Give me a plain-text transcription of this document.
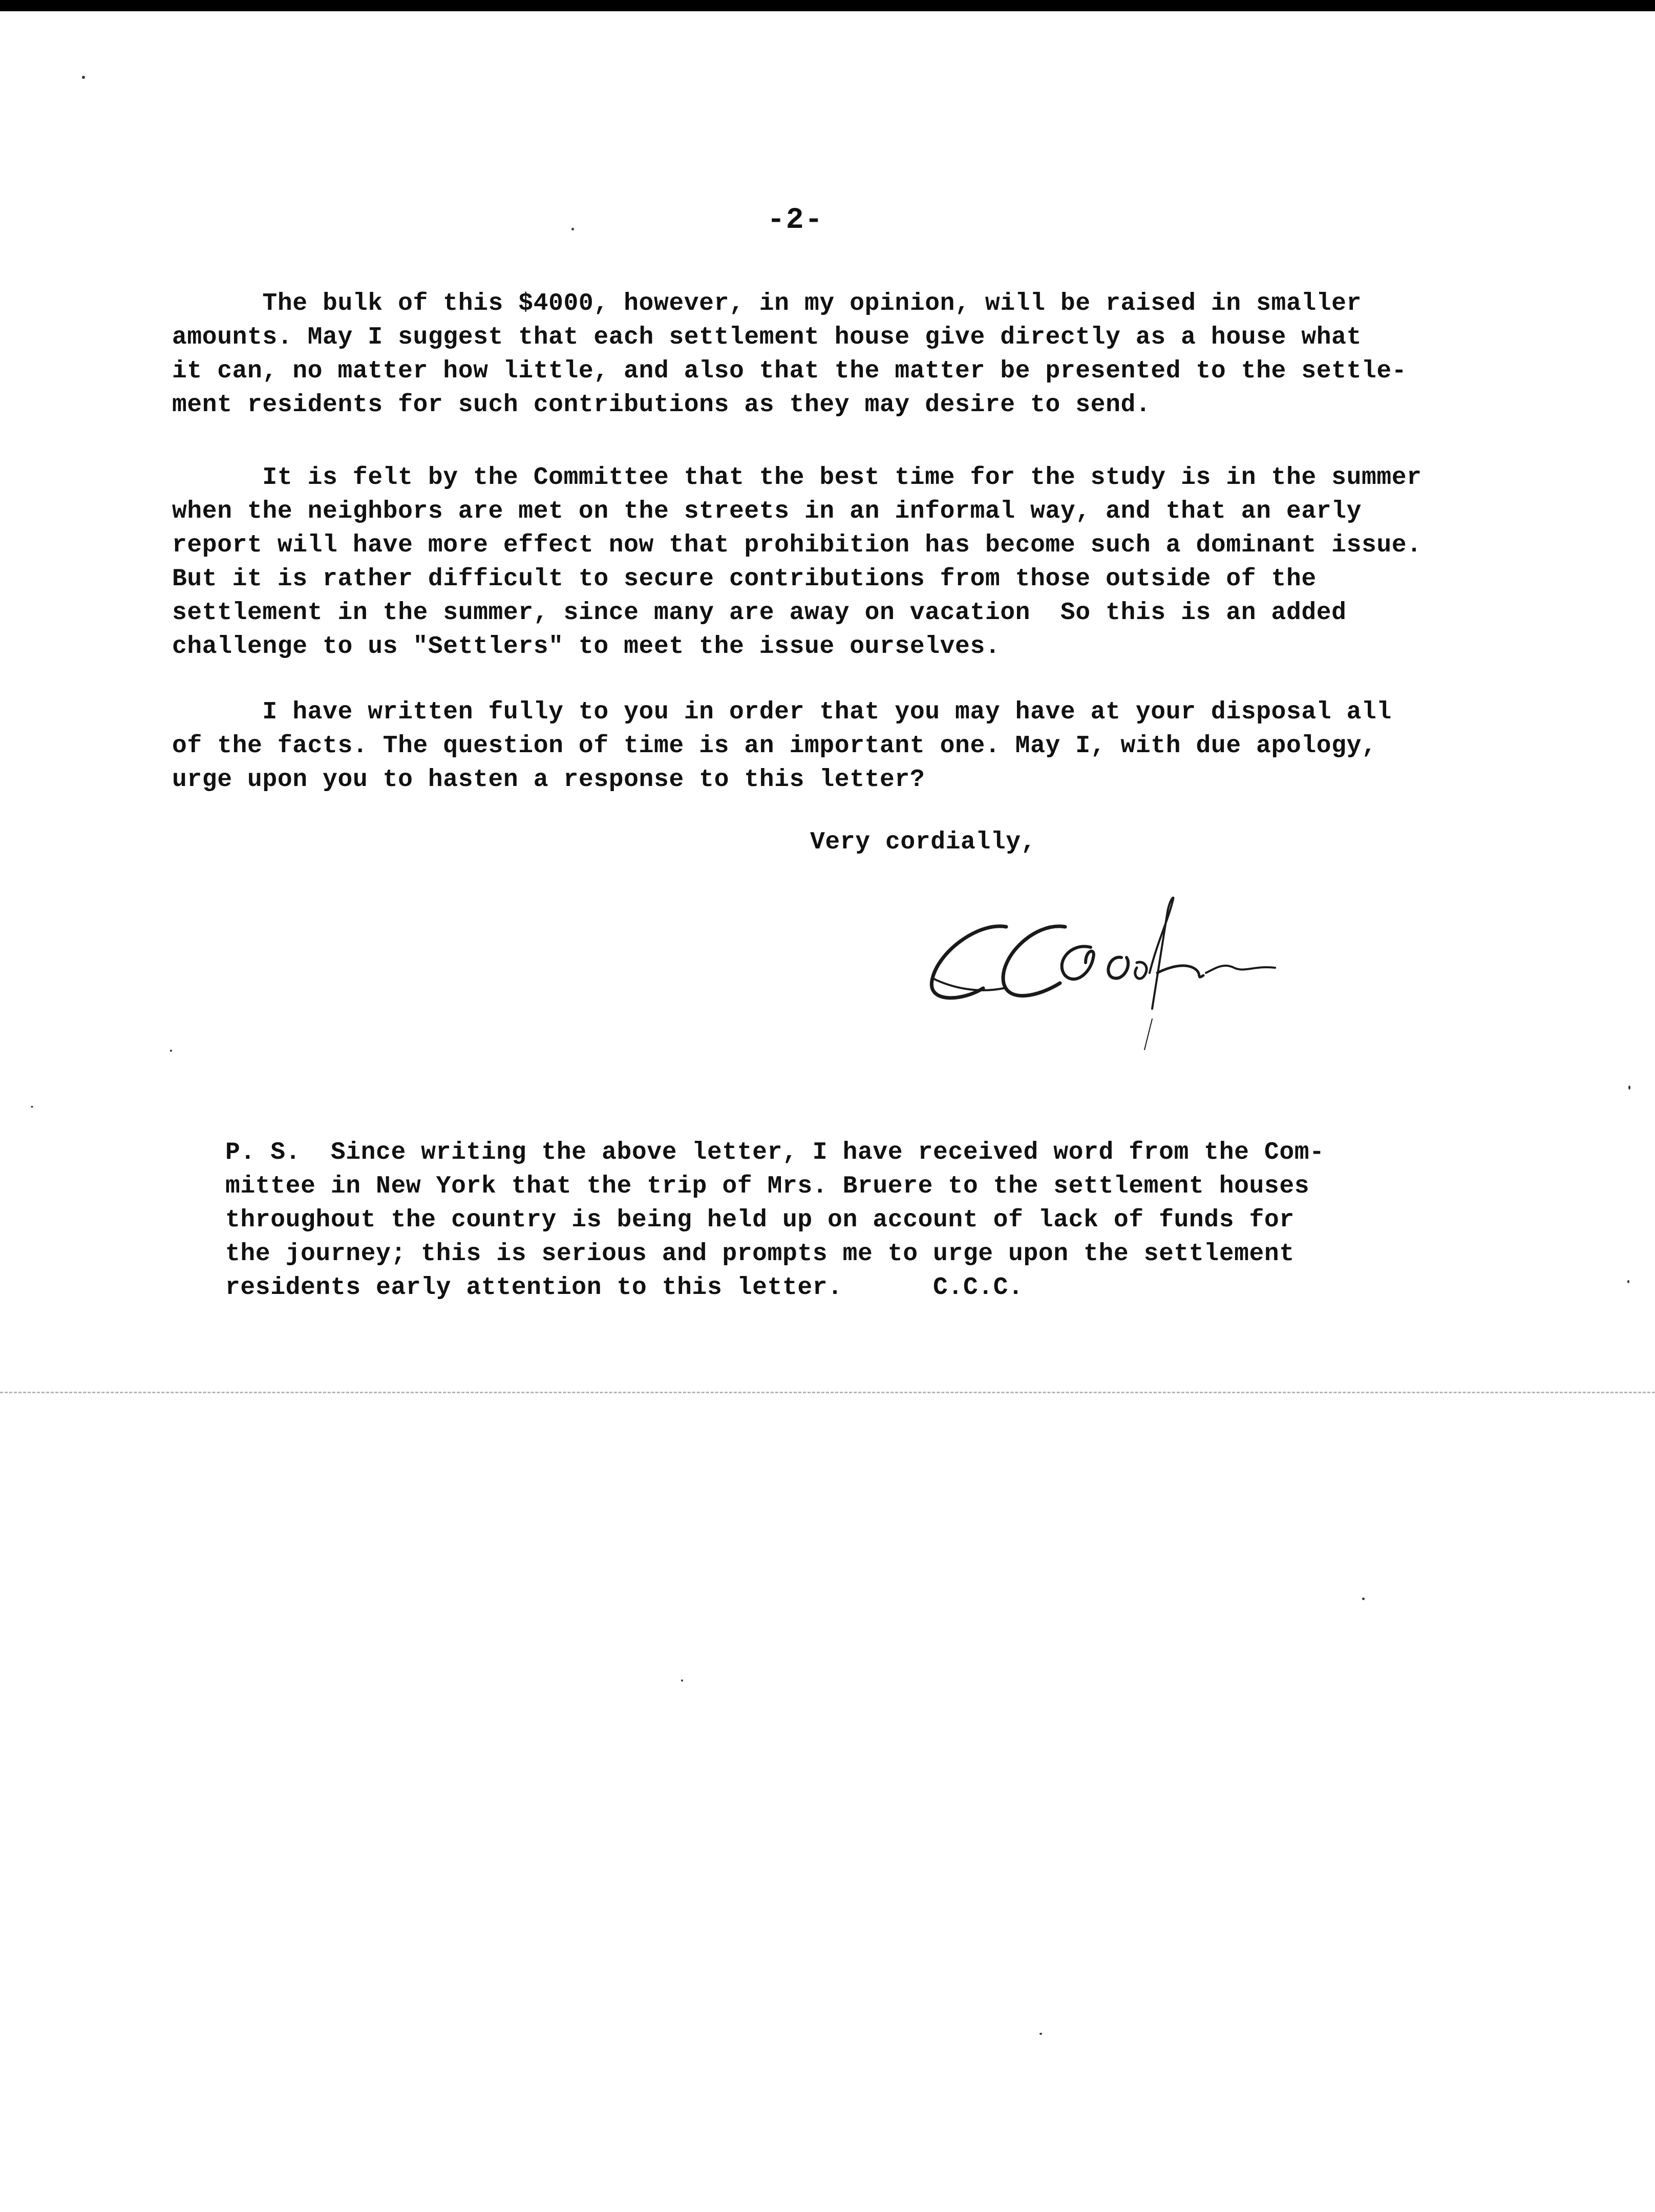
-2-
The bulk of this $4000, however, in my opinion, will be raised in smaller
amounts. May I suggest that each settlement house give directly as a house what
it can, no matter how little, and also that the matter be presented to the settle-
ment residents for such contributions as they may desire to send.
It is felt by the Committee that the best time for the study is in the summer
when the neighbors are met on the streets in an informal way, and that an early
report will have more effect now that prohibition has become such a dominant issue.
But it is rather difficult to secure contributions from those outside of the
settlement in the summer, since many are away on vacation  So this is an added
challenge to us "Settlers" to meet the issue ourselves.
I have written fully to you in order that you may have at your disposal all
of the facts. The question of time is an important one. May I, with due apology,
urge upon you to hasten a response to this letter?
Very cordially,
P. S.  Since writing the above letter, I have received word from the Com-
mittee in New York that the trip of Mrs. Bruere to the settlement houses
throughout the country is being held up on account of lack of funds for
the journey; this is serious and prompts me to urge upon the settlement
residents early attention to this letter.      C.C.C.
